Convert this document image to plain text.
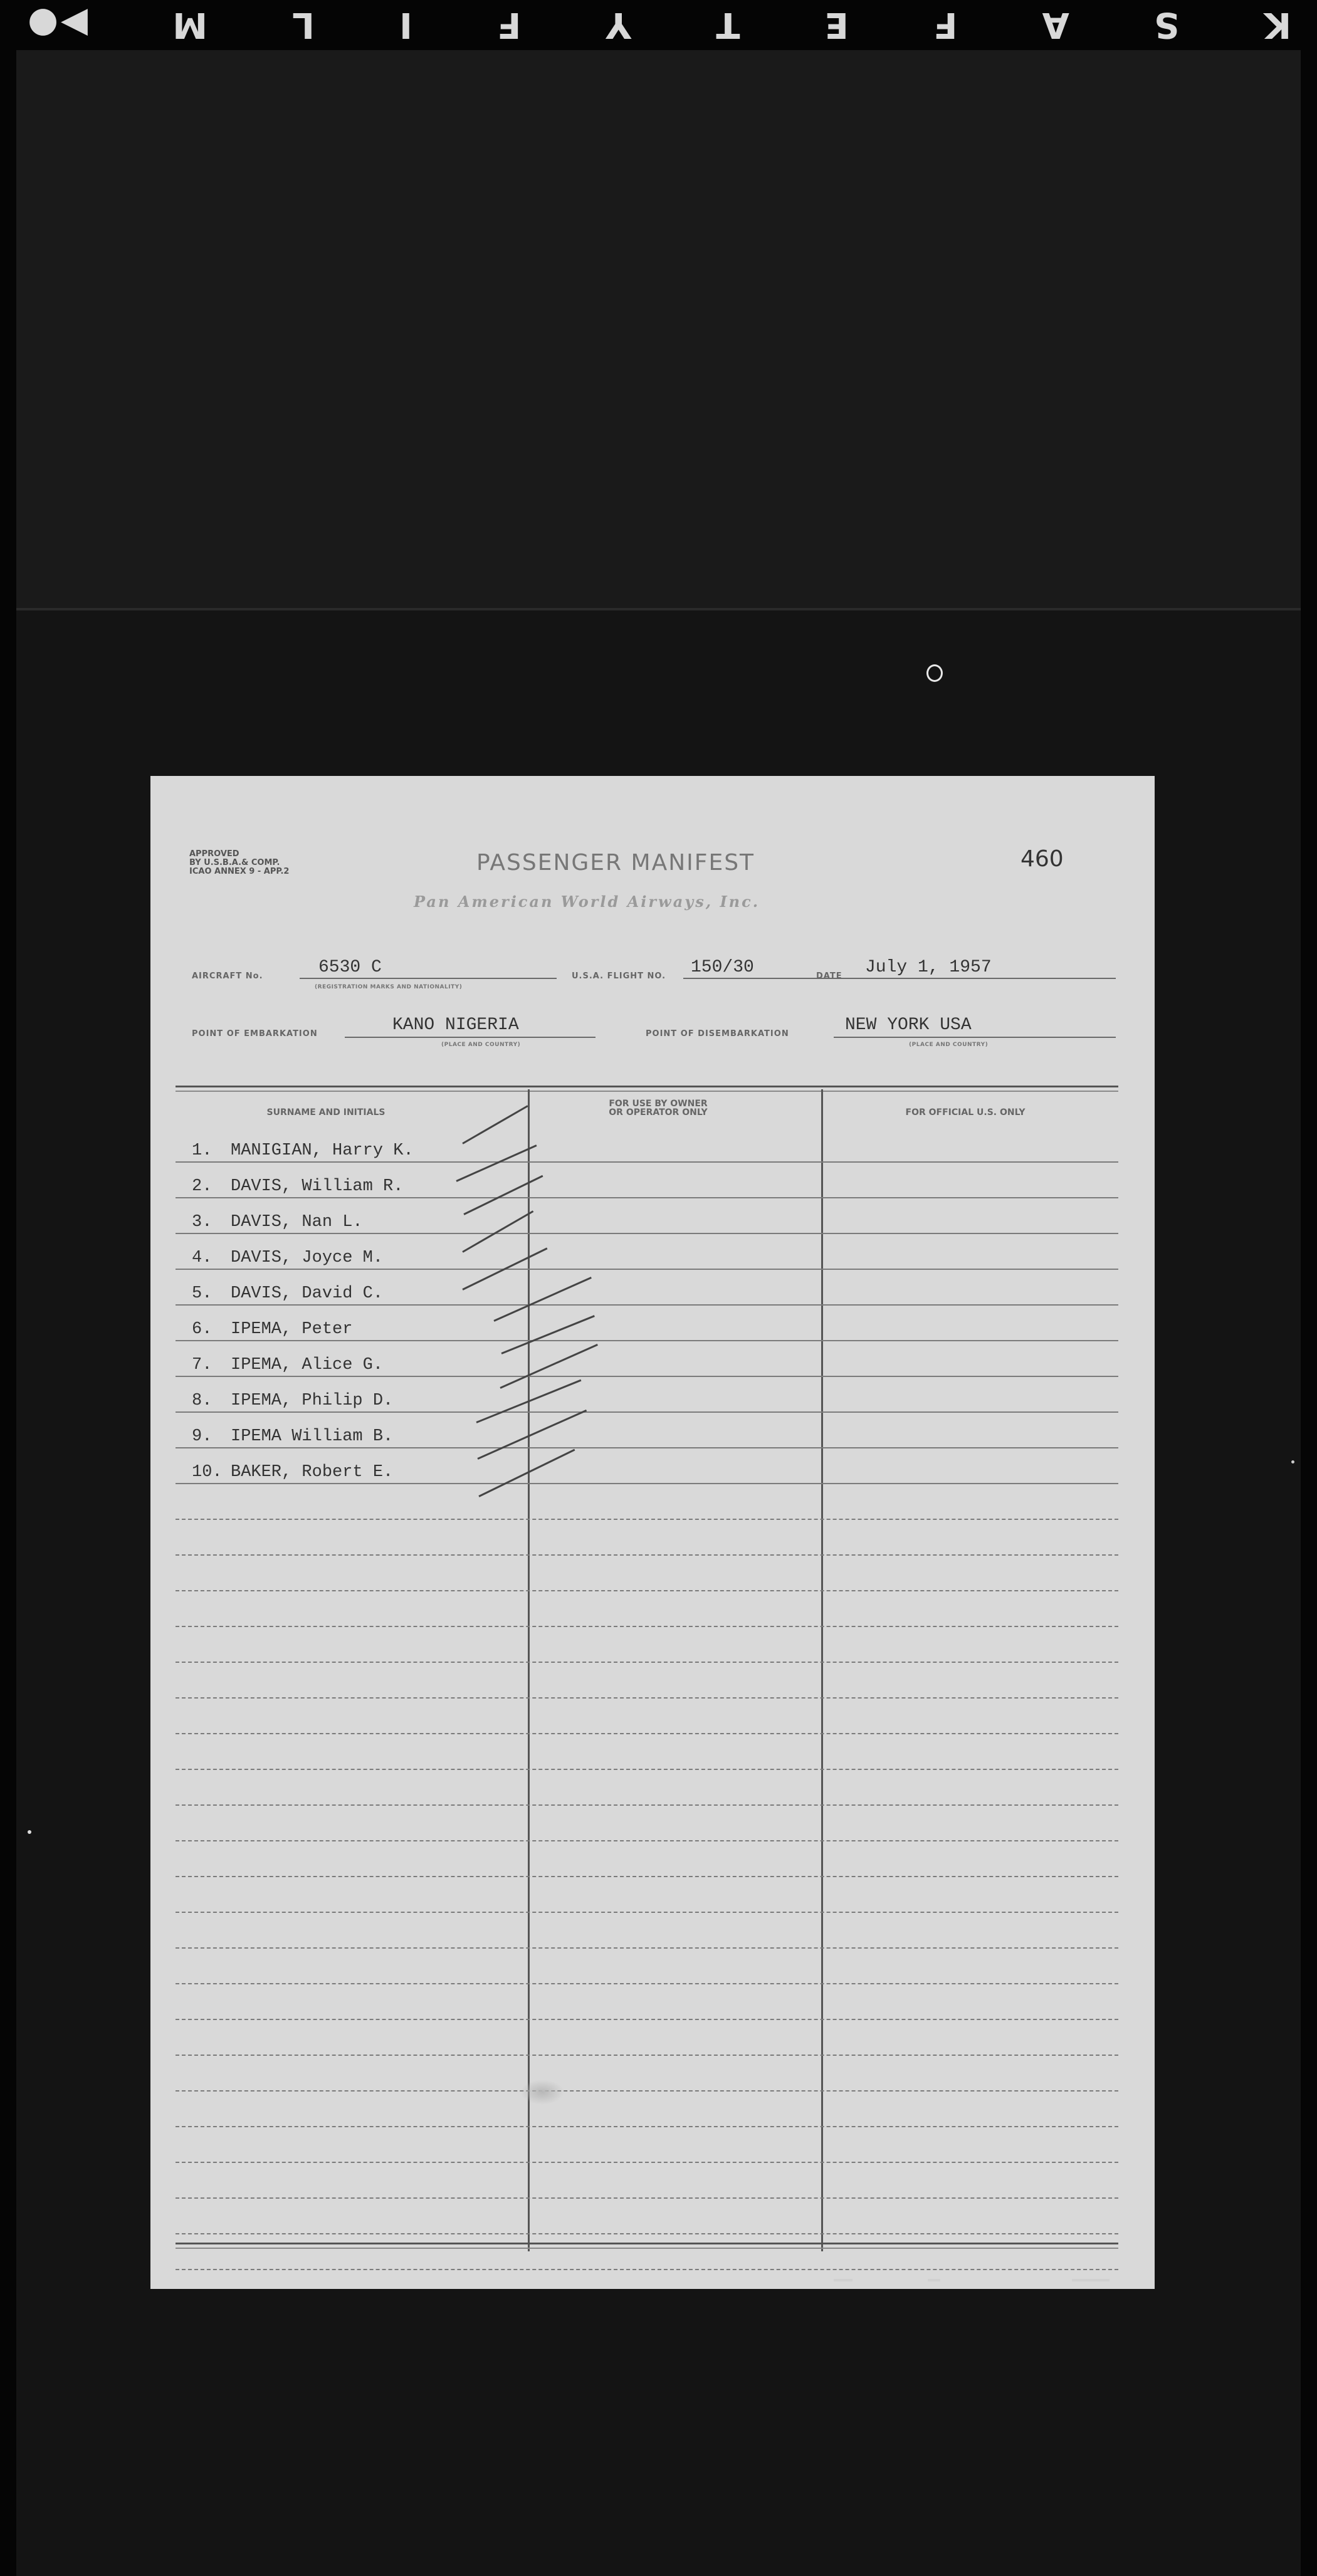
K
S
A
F
E
T
Y
F
I
L
M
▶●
APPROVED
BY U.S.B.A.& COMP.
ICAO ANNEX 9 - APP.2	PASSENGER MANIFEST
Pan American World Airways, Inc.
460
AIRCRAFT No.	6530 C
(REGISTRATION MARKS AND NATIONALITY)
U.S.A. FLIGHT NO. 150/30	DATE July 1, 1957
POINT OF EMBARKATION	KANO NIGERIA
(PLACE AND COUNTRY)
POINT OF DISEMBARKATION	NEW YORK USA
(PLACE AND COUNTRY)
SURNAME AND INITIALS
FOR USE BY OWNER
OR OPERATOR ONLY	FOR OFFICIAL U.S. ONLY
1. MANIGIAN, Harry K.
2. DAVIS, William R.
3. DAVIS, Nan L.
4. DAVIS, Joyce M.
5. DAVIS, David C.
6. IPEMA, Peter
7. IPEMA, Alice G.
8. IPEMA, Philip D.
9. IPEMA William B.
10. BAKER, Robert E.
